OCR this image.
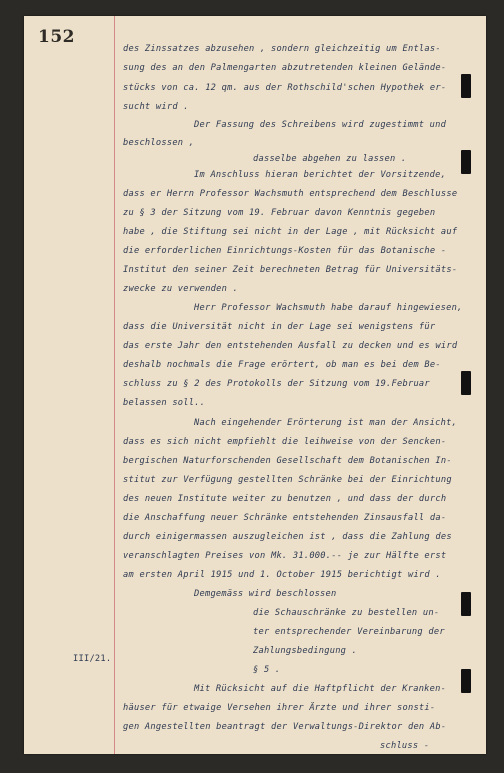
152
III/21.
des Zinssatzes abzusehen , sondern gleichzeitig um Entlas-
sung des an den Palmengarten abzutretenden kleinen Gelände-
stücks von ca. 12 qm. aus der Rothschild'schen Hypothek er-
sucht wird .
Der Fassung des Schreibens wird zugestimmt und
beschlossen ,
dasselbe abgehen zu lassen .
Im Anschluss hieran berichtet der Vorsitzende,
dass er Herrn Professor Wachsmuth entsprechend dem Beschlusse
zu § 3 der Sitzung vom 19. Februar davon Kenntnis gegeben
habe , die Stiftung sei nicht in der Lage , mit Rücksicht auf
die erforderlichen Einrichtungs-Kosten für das Botanische -
Institut den seiner Zeit berechneten Betrag für Universitäts-
zwecke zu verwenden .
Herr Professor Wachsmuth habe darauf hingewiesen,
dass die Universität nicht in der Lage sei wenigstens für
das erste Jahr den entstehenden Ausfall zu decken und es wird
deshalb nochmals die Frage erörtert, ob man es bei dem Be-
schluss zu § 2 des Protokolls der Sitzung vom 19.Februar
belassen soll..
Nach eingehender Erörterung ist man der Ansicht,
dass es sich nicht empfiehlt die leihweise von der Sencken-
bergischen Naturforschenden Gesellschaft dem Botanischen In-
stitut zur Verfügung gestellten Schränke bei der Einrichtung
des neuen Institute weiter zu benutzen , und dass der durch
die Anschaffung neuer Schränke entstehenden Zinsausfall da-
durch einigermassen auszugleichen ist , dass die Zahlung des
veranschlagten Preises von Mk. 31.000.-- je zur Hälfte erst
am ersten April 1915 und 1. October 1915 berichtigt wird .
Demgemäss wird beschlossen
die Schauschränke zu bestellen un-
ter entsprechender Vereinbarung der
Zahlungsbedingung .
§ 5 .
Mit Rücksicht auf die Haftpflicht der Kranken-
häuser für etwaige Versehen ihrer Ärzte und ihrer sonsti-
gen Angestellten beantragt der Verwaltungs-Direktor den Ab-
schluss -
